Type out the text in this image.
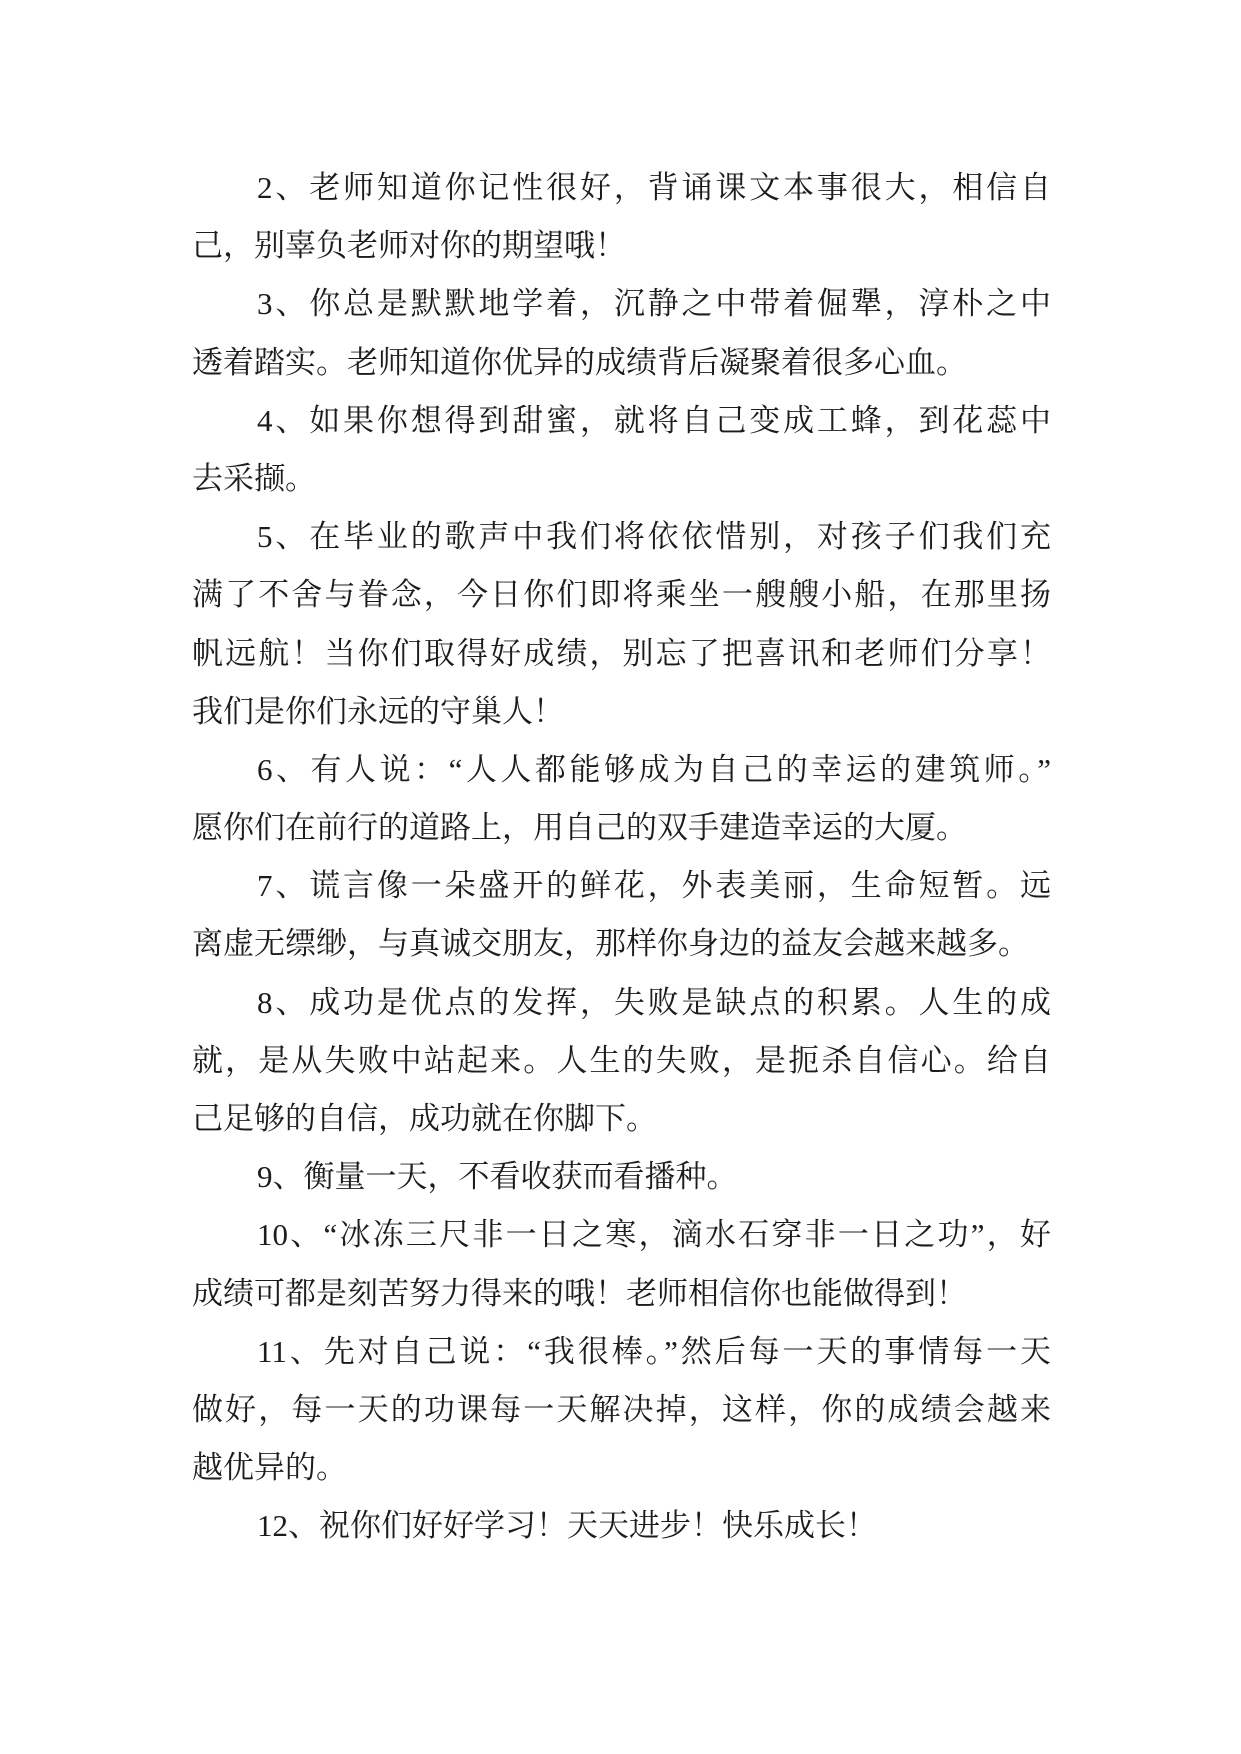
2、老师知道你记性很好，背诵课文本事很大，相信自
己，别辜负老师对你的期望哦！
3、你总是默默地学着，沉静之中带着倔犟，淳朴之中
透着踏实。老师知道你优异的成绩背后凝聚着很多心血。
4、如果你想得到甜蜜，就将自己变成工蜂，到花蕊中
去采撷。
5、在毕业的歌声中我们将依依惜别，对孩子们我们充
满了不舍与眷念，今日你们即将乘坐一艘艘小船，在那里扬
帆远航！当你们取得好成绩，别忘了把喜讯和老师们分享！
我们是你们永远的守巢人！
6、有人说：“人人都能够成为自己的幸运的建筑师。”
愿你们在前行的道路上，用自己的双手建造幸运的大厦。
7、谎言像一朵盛开的鲜花，外表美丽，生命短暂。远
离虚无缥缈，与真诚交朋友，那样你身边的益友会越来越多。
8、成功是优点的发挥，失败是缺点的积累。人生的成
就，是从失败中站起来。人生的失败，是扼杀自信心。给自
己足够的自信，成功就在你脚下。
9、衡量一天，不看收获而看播种。
10、“冰冻三尺非一日之寒，滴水石穿非一日之功”，好
成绩可都是刻苦努力得来的哦！老师相信你也能做得到！
11、先对自己说：“我很棒。”然后每一天的事情每一天
做好，每一天的功课每一天解决掉，这样，你的成绩会越来
越优异的。
12、祝你们好好学习！天天进步！快乐成长！
